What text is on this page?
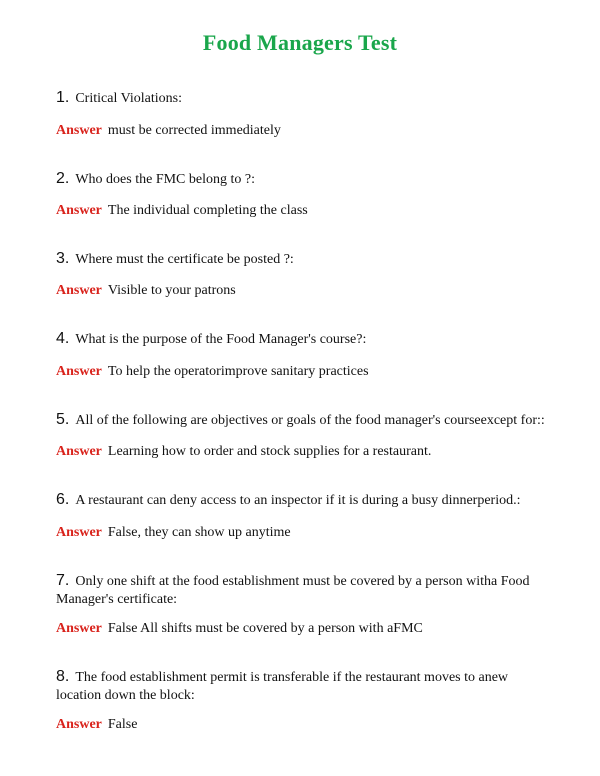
Food Managers Test
1. Critical Violations:
Answer must be corrected immediately
2. Who does the FMC belong to ?:
Answer The individual completing the class
3. Where must the certificate be posted ?:
Answer Visible to your patrons
4. What is the purpose of the Food Manager's course?:
Answer To help the operatorimprove sanitary practices
5. All of the following are objectives or goals of the food manager's courseexcept for::
Answer Learning how to order and stock supplies for a restaurant.
6. A restaurant can deny access to an inspector if it is during a busy dinnerperiod.:
Answer False, they can show up anytime
7. Only one shift at the food establishment must be covered by a person witha Food Manager's certificate:
Answer False All shifts must be covered by a person with aFMC
8. The food establishment permit is transferable if the restaurant moves to anew location down the block:
Answer False
